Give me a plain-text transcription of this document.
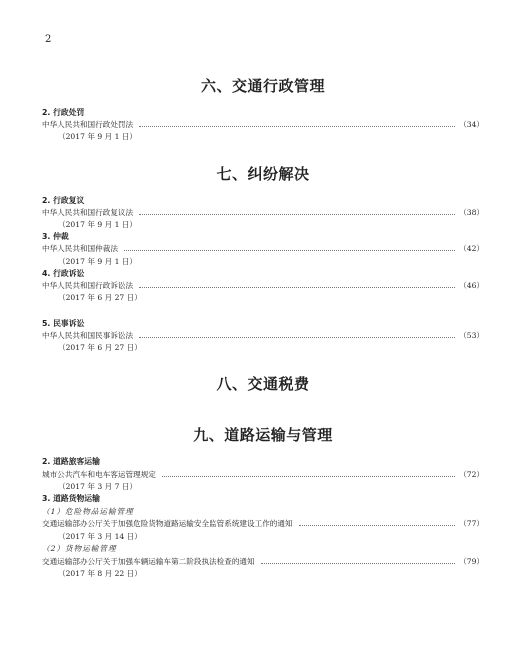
2
六、交通行政管理
2. 行政处罚
中华人民共和国行政处罚法	（34）
（2017 年 9 月 1 日）
七、纠纷解决
2. 行政复议
中华人民共和国行政复议法	（38）
（2017 年 9 月 1 日）
3. 仲裁
中华人民共和国仲裁法	（42）
（2017 年 9 月 1 日）
4. 行政诉讼
中华人民共和国行政诉讼法	（46）
（2017 年 6 月 27 日）
5. 民事诉讼
中华人民共和国民事诉讼法	（53）
（2017 年 6 月 27 日）
八、交通税费
九、道路运输与管理
2. 道路旅客运输
城市公共汽车和电车客运管理规定	（72）
（2017 年 3 月 7 日）
3. 道路货物运输
（1）危险物品运输管理
交通运输部办公厅关于加强危险货物道路运输安全监管系统建设工作的通知	（77）
（2017 年 3 月 14 日）
（2）货物运输管理
交通运输部办公厅关于加强车辆运输车第二阶段执法检查的通知	（79）
（2017 年 8 月 22 日）
